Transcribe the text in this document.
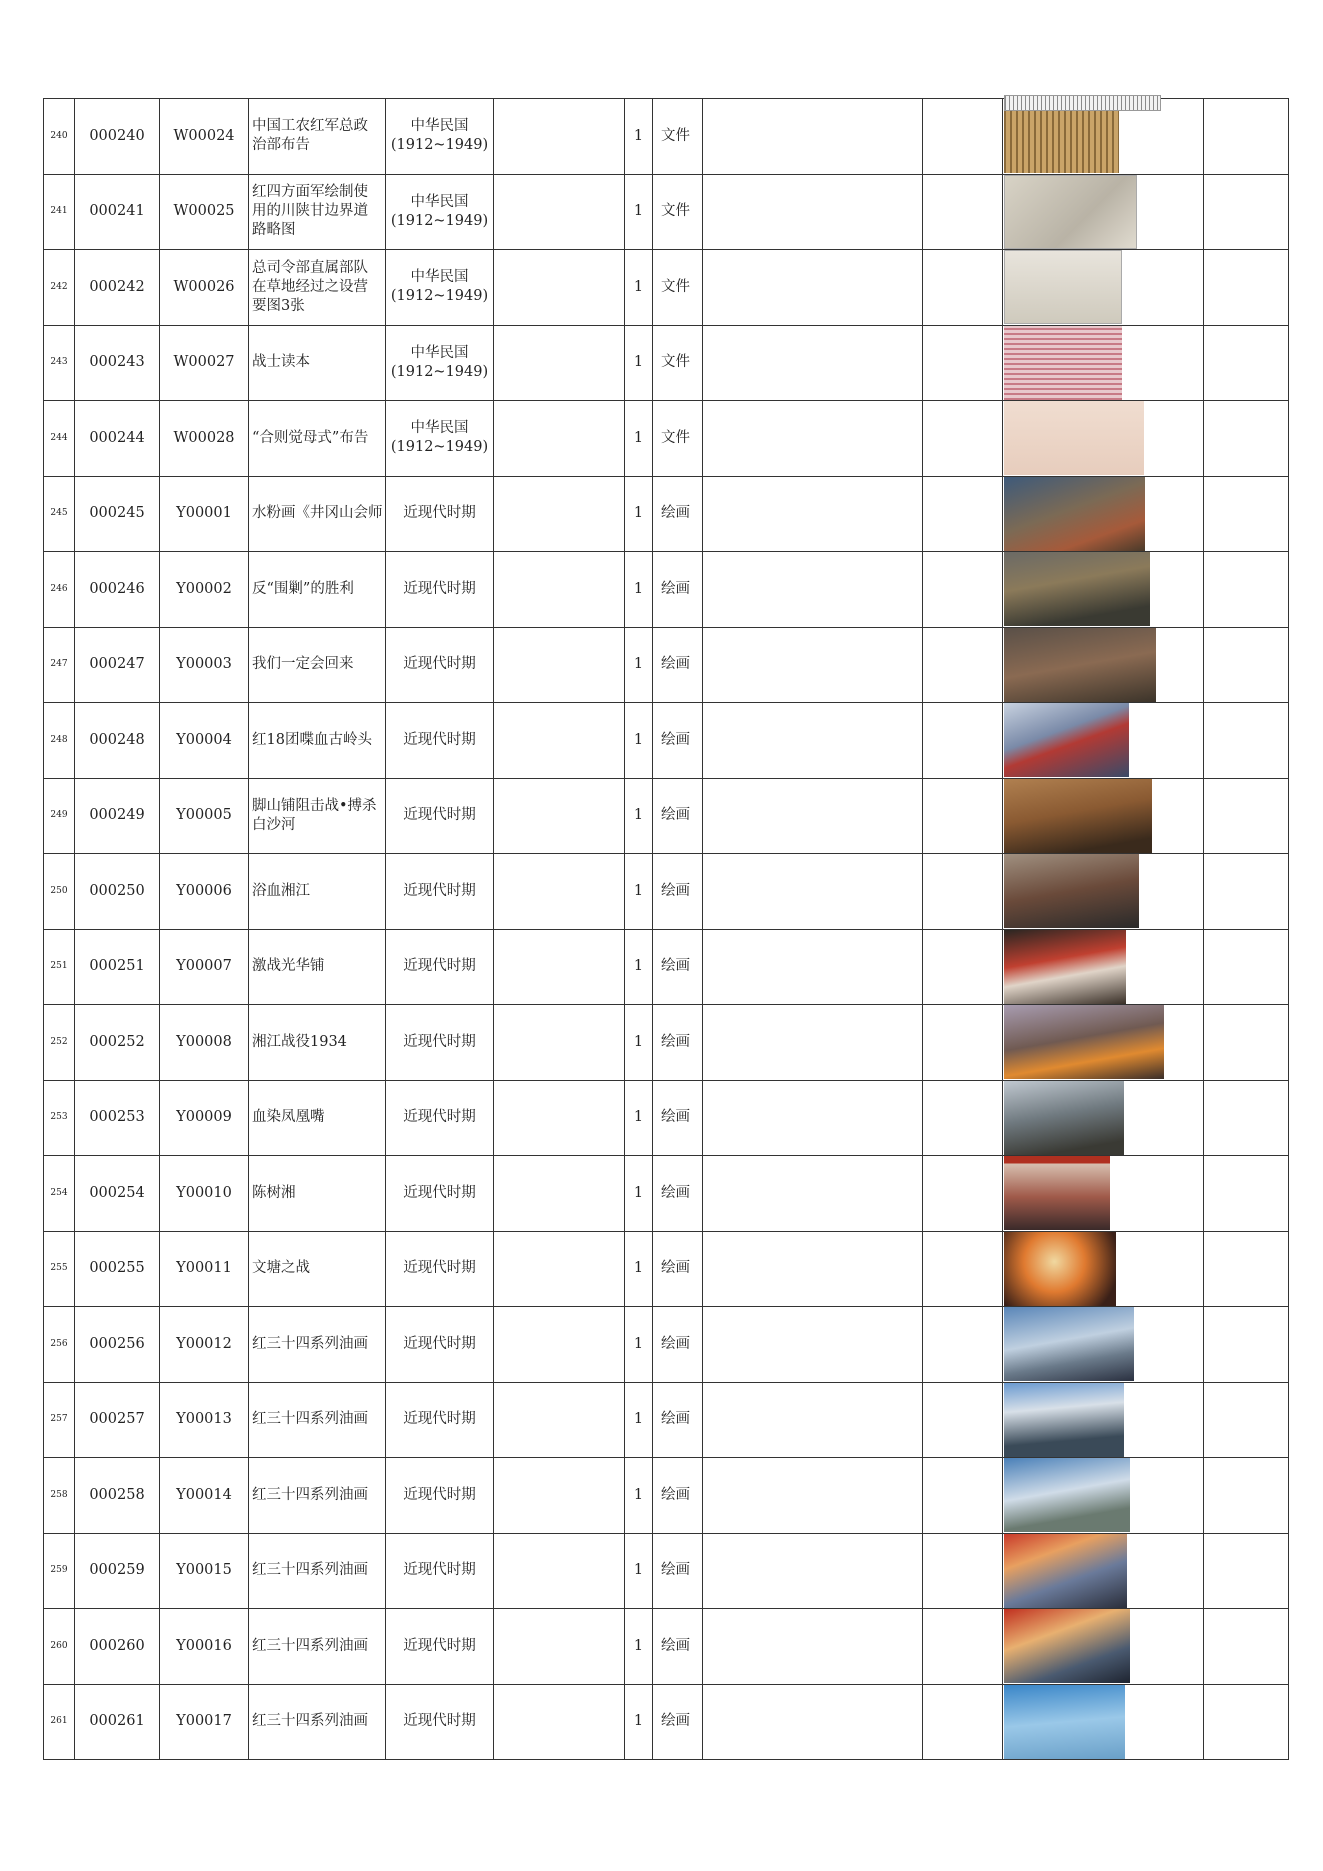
240	000240	W00024	中国工农红军总政治部布告	中华民国
(1912~1949)		1	文件			

241	000241	W00025	红四方面军绘制使用的川陕甘边界道路略图	中华民国
(1912~1949)		1	文件			

242	000242	W00026	总司令部直属部队在草地经过之设营要图3张	中华民国
(1912~1949)		1	文件			

243	000243	W00027	战士读本	中华民国
(1912~1949)		1	文件			

244	000244	W00028	“合则觉母式”布告	中华民国
(1912~1949)		1	文件			

245	000245	Y00001	水粉画《井冈山会师	近现代时期		1	绘画			

246	000246	Y00002	反“围剿”的胜利	近现代时期		1	绘画			

247	000247	Y00003	我们一定会回来	近现代时期		1	绘画			

248	000248	Y00004	红18团喋血古岭头	近现代时期		1	绘画			

249	000249	Y00005	脚山铺阻击战•搏杀白沙河	近现代时期		1	绘画			

250	000250	Y00006	浴血湘江	近现代时期		1	绘画			

251	000251	Y00007	激战光华铺	近现代时期		1	绘画			

252	000252	Y00008	湘江战役1934	近现代时期		1	绘画			

253	000253	Y00009	血染凤凰嘴	近现代时期		1	绘画			

254	000254	Y00010	陈树湘	近现代时期		1	绘画			

255	000255	Y00011	文塘之战	近现代时期		1	绘画			

256	000256	Y00012	红三十四系列油画	近现代时期		1	绘画			

257	000257	Y00013	红三十四系列油画	近现代时期		1	绘画			

258	000258	Y00014	红三十四系列油画	近现代时期		1	绘画			

259	000259	Y00015	红三十四系列油画	近现代时期		1	绘画			

260	000260	Y00016	红三十四系列油画	近现代时期		1	绘画			

261	000261	Y00017	红三十四系列油画	近现代时期		1	绘画			
